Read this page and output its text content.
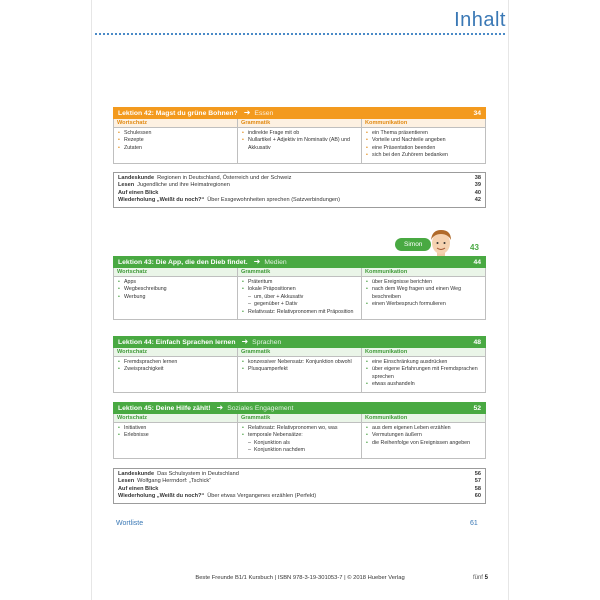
Inhalt
Lektion 42: Magst du grüne Bohnen? ➜ Essen	34
Wortschatz
• Schulessen
• Rezepte
• Zutaten
Grammatik
• indirekte Frage mit ob
• Nullartikel + Adjektiv im Nominativ (AB) und Akkusativ
Kommunikation
• ein Thema präsentieren
• Vorteile und Nachteile angeben
• eine Präsentation beenden
• sich bei den Zuhörern bedanken
Landeskunde Regionen in Deutschland, Österreich und der Schweiz	38
Lesen Jugendliche und ihre Heimatregionen	39
Auf einen Blick	40
Wiederholung „Weißt du noch?“ Über Essgewohnheiten sprechen (Satzverbindungen)	42
Simon	43
Lektion 43: Die App, die den Dieb findet. ➜ Medien	44
Wortschatz
• Apps
• Wegbeschreibung
• Werbung
Grammatik
• Präteritum
• lokale Präpositionen
– um, über + Akkusativ
– gegenüber + Dativ
• Relativsatz: Relativpronomen mit Präposition
Kommunikation
• über Ereignisse berichten
• nach dem Weg fragen und einen Weg beschreiben
• einen Werbespruch formulieren
Lektion 44: Einfach Sprachen lernen ➜ Sprachen	48
Wortschatz
• Fremdsprachen lernen
• Zweisprachigkeit
Grammatik
• konzessiver Nebensatz: Konjunktion obwohl
• Plusquamperfekt
Kommunikation
• eine Einschränkung ausdrücken
• über eigene Erfahrungen mit Fremdsprachen sprechen
• etwas aushandeln
Lektion 45: Deine Hilfe zählt! ➜ Soziales Engagement	52
Wortschatz
• Initiativen
• Erlebnisse
Grammatik
• Relativsatz: Relativpronomen wo, was
• temporale Nebensätze:
– Konjunktion als
– Konjunktion nachdem
Kommunikation
• aus dem eigenen Leben erzählen
• Vermutungen äußern
• die Reihenfolge von Ereignissen angeben
Landeskunde Das Schulsystem in Deutschland	56
Lesen Wolfgang Herrndorf: „Tschick“	57
Auf einen Blick	58
Wiederholung „Weißt du noch?“ Über etwas Vergangenes erzählen (Perfekt)	60
Wortliste	61
Beste Freunde B1/1 Kursbuch | ISBN 978-3-19-301053-7 | © 2018 Hueber Verlag	fünf 5
